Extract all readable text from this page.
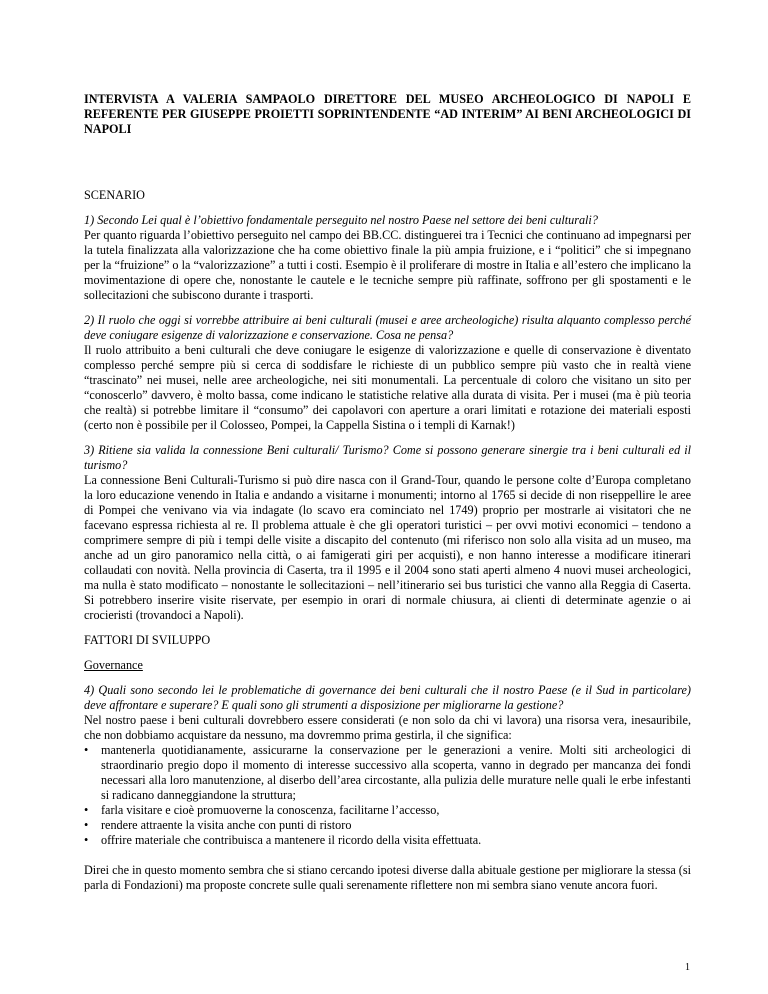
INTERVISTA A VALERIA SAMPAOLO DIRETTORE DEL MUSEO ARCHEOLOGICO DI NAPOLI E REFERENTE PER GIUSEPPE PROIETTI SOPRINTENDENTE “AD INTERIM” AI BENI ARCHEOLOGICI DI NAPOLI

SCENARIO

1) Secondo Lei qual è l’obiettivo fondamentale perseguito nel nostro Paese nel settore dei beni culturali?

Per quanto riguarda l’obiettivo perseguito nel campo dei BB.CC. distinguerei tra i Tecnici che continuano ad impegnarsi per la tutela finalizzata alla valorizzazione che ha come obiettivo finale la più ampia fruizione, e i “politici” che si impegnano per la “fruizione” o la “valorizzazione” a tutti i costi. Esempio è il proliferare di mostre in Italia e all’estero che implicano la movimentazione di opere che, nonostante le cautele e le tecniche sempre più raffinate, soffrono per gli spostamenti e le sollecitazioni che subiscono durante i trasporti.

2) Il ruolo che oggi si vorrebbe attribuire ai beni culturali (musei e aree archeologiche) risulta alquanto complesso perché deve coniugare esigenze di valorizzazione e conservazione. Cosa ne pensa?

Il ruolo attribuito a beni culturali che deve coniugare le esigenze di valorizzazione e quelle di conservazione è diventato complesso perché sempre più si cerca di soddisfare le richieste di un pubblico sempre più vasto che in realtà viene “trascinato” nei musei, nelle aree archeologiche, nei siti monumentali. La percentuale di coloro che visitano un sito per “conoscerlo” davvero, è molto bassa, come indicano le statistiche relative alla durata di visita. Per i musei (ma è più teoria che realtà) si potrebbe limitare il “consumo” dei capolavori con aperture a orari limitati e rotazione dei materiali esposti (certo non è possibile per il Colosseo, Pompei, la Cappella Sistina o i templi di Karnak!)

3) Ritiene sia valida la connessione Beni culturali/ Turismo? Come si possono generare sinergie tra i beni culturali ed il turismo?

La connessione Beni Culturali-Turismo si può dire nasca con il Grand-Tour, quando le persone colte d’Europa completano la loro educazione venendo in Italia e andando a visitarne i monumenti; intorno al 1765 si decide di non riseppellire le aree di Pompei che venivano via via indagate (lo scavo era cominciato nel 1749) proprio per mostrarle ai visitatori che ne facevano espressa richiesta al re. Il problema attuale è che gli operatori turistici – per ovvi motivi economici – tendono a comprimere sempre di più i tempi delle visite a discapito del contenuto (mi riferisco non solo alla visita ad un museo, ma anche ad un giro panoramico nella città, o ai famigerati giri per acquisti), e non hanno interesse a modificare itinerari collaudati con novità. Nella provincia di Caserta, tra il 1995 e il 2004 sono stati aperti almeno 4 nuovi musei archeologici, ma nulla è stato modificato – nonostante le sollecitazioni – nell’itinerario sei bus turistici che vanno alla Reggia di Caserta. Si potrebbero inserire visite riservate, per esempio in orari di normale chiusura, ai clienti di determinate agenzie o ai crocieristi (trovandoci a Napoli).

FATTORI DI SVILUPPO

Governance

4) Quali sono secondo lei le problematiche di governance dei beni culturali che il nostro Paese (e il Sud in particolare) deve affrontare e superare? E quali sono gli strumenti a disposizione per migliorarne la gestione?

Nel nostro paese i beni culturali dovrebbero essere considerati (e non solo da chi vi lavora) una risorsa vera, inesauribile, che non dobbiamo acquistare da nessuno, ma dovremmo prima gestirla, il che significa:

• mantenerla quotidianamente, assicurarne la conservazione per le generazioni a venire. Molti siti archeologici di straordinario pregio dopo il momento di interesse successivo alla scoperta, vanno in degrado per mancanza dei fondi necessari alla loro manutenzione, al diserbo dell’area circostante, alla pulizia delle murature nelle quali le erbe infestanti si radicano danneggiandone la struttura;
• farla visitare e cioè promuoverne la conoscenza, facilitarne l’accesso,
• rendere attraente la visita anche con punti di ristoro
• offrire materiale che contribuisca a mantenere il ricordo della visita effettuata.

Direi che in questo momento sembra che si stiano cercando ipotesi diverse dalla abituale gestione per migliorare la stessa (si parla di Fondazioni) ma proposte concrete sulle quali serenamente riflettere non mi sembra siano venute ancora fuori.

1
